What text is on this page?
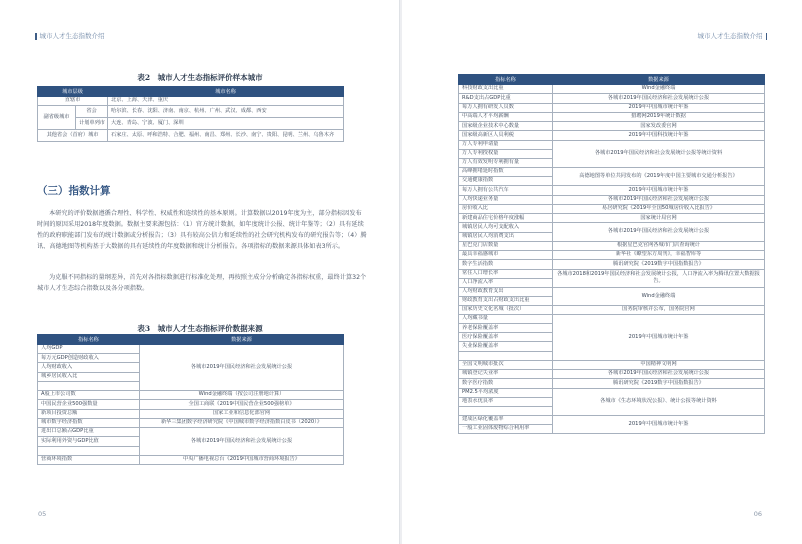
城市人才生态指数介绍
表2　城市人才生态指标评价样本城市
城市层级		城市名称
直辖市		北京、上海、天津、重庆
副省级城市	省会	哈尔滨、长春、沈阳、济南、南京、杭州、广州、武汉、成都、西安
	计划单列市	大连、青岛、宁波、厦门、深圳
其他省会（首府）城市		石家庄、太原、呼和浩特、合肥、福州、南昌、郑州、长沙、南宁、贵阳、昆明、兰州、乌鲁木齐
（三）指数计算
本研究的评价数据遵循合理性、科学性、权威性和连续性的基本原则。计算数据以2019年度为主，部分指标因发布时间的原因采用2018年度数据。数据主要来源包括：（1）官方统计数据，如年度统计公报、统计年鉴等；（2）具有延续性的政府职能部门发布的统计数据或分析报告；（3）具有较高公信力和延续性的社会研究机构发布的研究报告等；（4）腾讯、高德地图等机构基于大数据的具有延续性的年度数据和统计分析报告。各项指标的数据来源具体如表3所示。
为克服不同指标的量纲差异，首先对各指标数据进行标准化处理，再按照主成分分析确定各指标权重，最终计算32个城市人才生态综合指数以及各分项指数。
表3　城市人才生态指标评价数据来源
指标名称	数据来源
人均GDP	各城市2019年国民经济和社会发展统计公报
每万元GDP创造财政收入	
人均财政收入	
城乡居民收入比	

A股上市公司数	Wind金融终端（按公司注册地计算）
中国民营企业500强数量	全国工商联《2019中国民营企业500强榜单》
新项目投资总额	国家工业和信息化部官网
城市数字经济指数	新华三集团数字经济研究院《中国城市数字经济指数白皮书（2020）》
进出口总额占GDP比重	各城市2019年国民经济和社会发展统计公报
实际利用外资与GDP比值	

营商环境指数	中央广播电视总台《2019中国城市营商环境报告》
05
城市人才生态指数介绍
指标名称	数据来源
科技财政支出比重	Wind金融终端
R&D支出占GDP比重	各城市2019年国民经济和社会发展统计公报
每万人拥有研发人员数	2019年中国城市统计年鉴
中高端人才平均薪酬	猎聘网2019年统计数据
国家级企业技术中心数量	国家发改委官网
国家级高新区人员利税	2019年中国科技统计年鉴
万人专利申请量	各城市2019年国民经济和社会发展统计公报等统计资料
万人专利授权量	
万人有效发明专利拥有量	
高峰拥堵延时指数	高德地图等单位共同发布的《2019年度中国主要城市交通分析报告》
交通健康指数	
每万人拥有公共汽车	2019年中国城市统计年鉴
人均快递业务量	各城市2019年国民经济和社会发展统计公报
房价收入比	易居研究院《2019年全国50城房价收入比报告》
新建商品住宅价格年度涨幅	国家统计局官网
城镇居民人均可支配收入	各城市2019年国民经济和社会发展统计公报
城镇居民人均消费支出	
星巴克门店数量	根据星巴克官网各城市门店查询统计
最具幸福感城市	新华社《瞭望东方周刊》，幸福智库等
数字生活指数	腾讯研究院《2019数字中国指数报告》
常住人口增长率	各城市2018和2019年国民经济和社会发展统计公报，人口净流入率为腾讯位置大数据报告。
人口净流入率	
人均财政教育支出	Wind金融终端
财政教育支出占财政支出比重	
国家历史文化名城（批次）	国务院审核并公布，国务院官网
人均藏书量	2019年中国城市统计年鉴
养老保险覆盖率	
医疗保险覆盖率	
失业保险覆盖率	

全国文明城市批次	中国精神文明网
城镇登记失业率	各城市2019年国民经济和社会发展统计公报
数字医疗指数	腾讯研究院《2019数字中国指数报告》
PM2.5平均浓度	各城市《生态环境状况公报》、统计公报等统计资料
地表水优良率	

建成区绿化覆盖率	2019年中国城市统计年鉴
一般工业固体废物综合利用率	
06
